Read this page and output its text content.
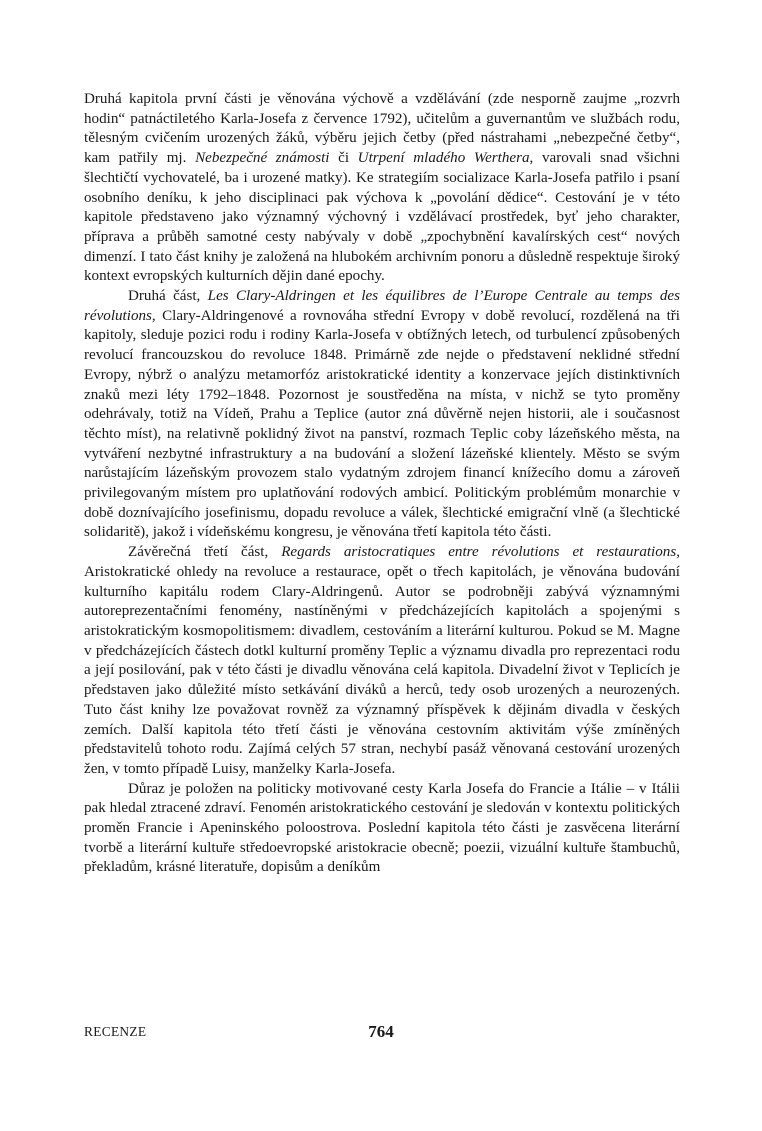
Druhá kapitola první části je věnována výchově a vzdělávání (zde nesporně zaujme „rozvrh hodin“ patnáctiletého Karla-Josefa z července 1792), učitelům a guvernantům ve službách rodu, tělesným cvičením urozených žáků, výběru jejich četby (před nástrahami „nebezpečné četby“, kam patřily mj. Nebezpečné známosti či Utrpení mladého Werthera, varovali snad všichni šlechtičtí vychovatelé, ba i urozené matky). Ke strategiím socializace Karla-Josefa patřilo i psaní osobního deníku, k jeho disciplinaci pak výchova k „povolání dědice“. Cestování je v této kapitole představeno jako významný výchovný i vzdělávací prostředek, byť jeho charakter, příprava a průběh samotné cesty nabývaly v době „zpochybnění kavalírských cest“ nových dimenzí. I tato část knihy je založená na hlubokém archivním ponoru a důsledně respektuje široký kontext evropských kulturních dějin dané epochy.

Druhá část, Les Clary-Aldringen et les équilibres de l’Europe Centrale au temps des révolutions, Clary-Aldringenové a rovnováha střední Evropy v době revolucí, rozdělená na tři kapitoly, sleduje pozici rodu i rodiny Karla-Josefa v obtížných letech, od turbulencí způsobených revolucí francouzskou do revoluce 1848. Primárně zde nejde o představení neklidné střední Evropy, nýbrž o analýzu metamorfóz aristokratické identity a konzervace jejích distinktivních znaků mezi léty 1792–1848. Pozornost je soustředěna na místa, v nichž se tyto proměny odehrávaly, totiž na Vídeň, Prahu a Teplice (autor zná důvěrně nejen historii, ale i současnost těchto míst), na relativně poklidný život na panství, rozmach Teplic coby lázeňského města, na vytváření nezbytné infrastruktury a na budování a složení lázeňské klientely. Město se svým narůstajícím lázeňským provozem stalo vydatným zdrojem financí knížecího domu a zároveň privilegovaným místem pro uplatňování rodových ambicí. Politickým problémům monarchie v době doznívajícího josefinismu, dopadu revoluce a válek, šlechtické emigrační vlně (a šlechtické solidaritě), jakož i vídeňskému kongresu, je věnována třetí kapitola této části.

Závěrečná třetí část, Regards aristocratiques entre révolutions et restaurations, Aristokratické ohledy na revoluce a restaurace, opět o třech kapitolách, je věnována budování kulturního kapitálu rodem Clary-Aldringenů. Autor se podrobněji zabývá významnými autoreprezentačními fenomény, nastíněnými v předcházejících kapitolách a spojenými s aristokratickým kosmopolitismem: divadlem, cestováním a literární kulturou. Pokud se M. Magne v předcházejících částech dotkl kulturní proměny Teplic a významu divadla pro reprezentaci rodu a její posilování, pak v této části je divadlu věnována celá kapitola. Divadelní život v Teplicích je představen jako důležité místo setkávání diváků a herců, tedy osob urozených a neurozených. Tuto část knihy lze považovat rovněž za významný příspěvek k dějinám divadla v českých zemích. Další kapitola této třetí části je věnována cestovním aktivitám výše zmíněných představitelů tohoto rodu. Zajímá celých 57 stran, nechybí pasáž věnovaná cestování urozených žen, v tomto případě Luisy, manželky Karla-Josefa.

Důraz je položen na politicky motivované cesty Karla Josefa do Francie a Itálie – v Itálii pak hledal ztracené zdraví. Fenomén aristokratického cestování je sledován v kontextu politických proměn Francie i Apeninského poloostrova. Poslední kapitola této části je zasvěcena literární tvorbě a literární kultuře středoevropské aristokracie obecně; poezii, vizuální kultuře štambuchů, překladům, krásné literatuře, dopisům a deníkům

RECENZE	764
